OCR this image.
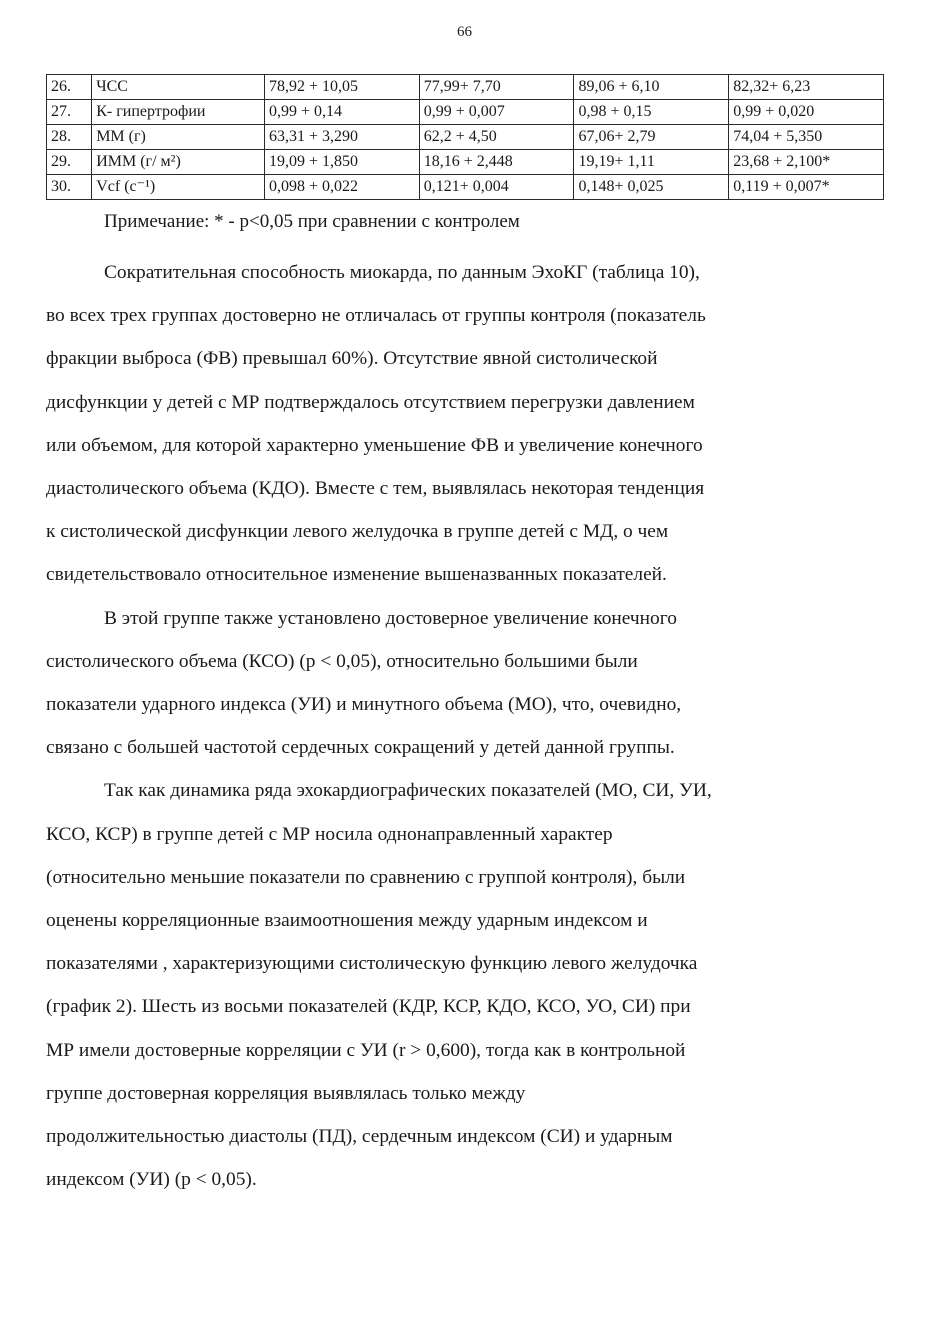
66
26.	ЧСС	78,92 + 10,05	77,99+ 7,70	89,06 + 6,10	82,32+ 6,23
27.	К- гипертрофии	0,99 + 0,14	0,99 + 0,007	0,98 + 0,15	0,99 + 0,020
28.	ММ (г)	63,31 + 3,290	62,2 + 4,50	67,06+ 2,79	74,04 + 5,350
29.	ИММ (г/ м²)	19,09 + 1,850	18,16 + 2,448	19,19+ 1,11	23,68 + 2,100*
30.	Vcf (с⁻¹)	0,098 + 0,022	0,121+ 0,004	0,148+ 0,025	0,119 + 0,007*
Примечание: * - р<0,05 при сравнении с контролем

Сократительная способность миокарда, по данным ЭхоКГ (таблица 10),
во всех трех группах достоверно не отличалась от группы контроля (показатель
фракции выброса (ФВ) превышал 60%). Отсутствие явной систолической
дисфункции у детей с МР подтверждалось отсутствием перегрузки давлением
или объемом, для которой характерно уменьшение ФВ и увеличение конечного
диастолического объема (КДО). Вместе с тем, выявлялась некоторая тенденция
к систолической дисфункции левого желудочка в группе детей с МД, о чем
свидетельствовало относительное изменение вышеназванных показателей.

В этой группе также установлено достоверное увеличение конечного
систолического объема (КСО) (р < 0,05), относительно большими были
показатели ударного индекса (УИ) и минутного объема (МО), что, очевидно,
связано с большей частотой сердечных сокращений у детей данной группы.

Так как динамика ряда эхокардиографических показателей (МО, СИ, УИ,
КСО, КСР) в группе детей с МР носила однонаправленный характер
(относительно меньшие показатели по сравнению с группой контроля), были
оценены корреляционные взаимоотношения между ударным индексом и
показателями , характеризующими систолическую функцию левого желудочка
(график 2). Шесть из восьми показателей (КДР, КСР, КДО, КСО, УО, СИ) при
МР имели достоверные корреляции с УИ (r > 0,600), тогда как в контрольной
группе достоверная корреляция выявлялась только между
продолжительностью диастолы (ПД), сердечным индексом (СИ) и ударным
индексом (УИ) (р < 0,05).
